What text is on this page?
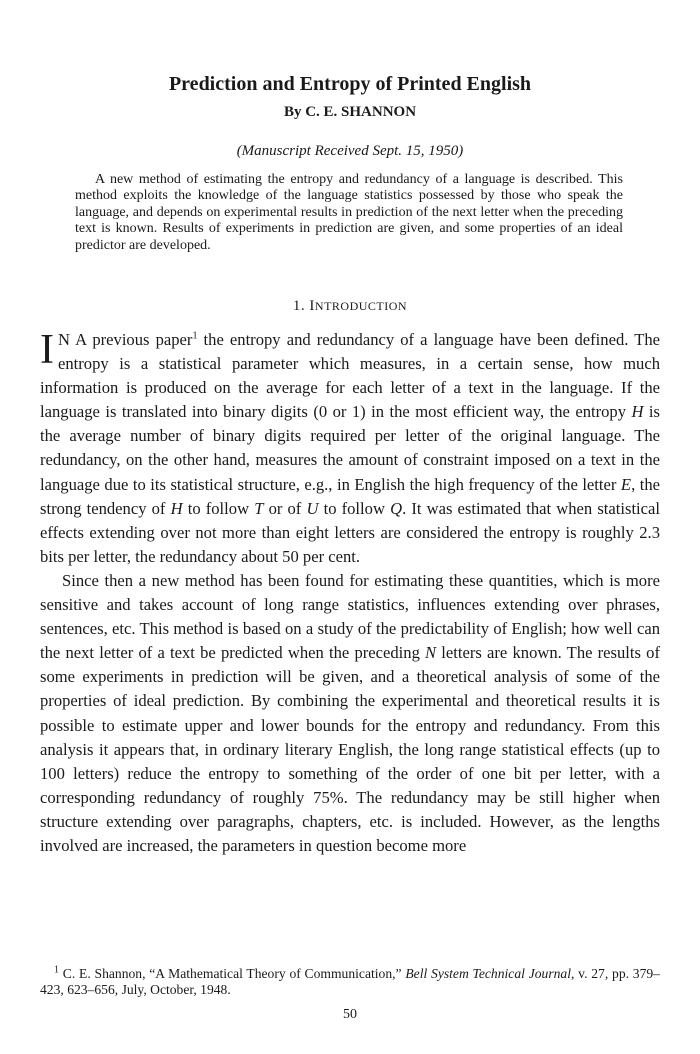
Prediction and Entropy of Printed English

By C. E. SHANNON

(Manuscript Received Sept. 15, 1950)

A new method of estimating the entropy and redundancy of a language is described. This method exploits the knowledge of the language statistics possessed by those who speak the language, and depends on experimental results in prediction of the next letter when the preceding text is known. Results of experiments in prediction are given, and some properties of an ideal predictor are developed.

1. INTRODUCTION

I N A previous paper$^1$ the entropy and redundancy of a language have been defined. The entropy is a statistical parameter which measures, in a certain sense, how much information is produced on the average for each letter of a text in the language. If the language is translated into binary digits (0 or 1) in the most efficient way, the entropy H is the average number of binary digits required per letter of the original language. The redundancy, on the other hand, measures the amount of constraint imposed on a text in the language due to its statistical structure, e.g., in English the high frequency of the letter E, the strong tendency of H to follow T or of U to follow Q. It was estimated that when statistical effects extending over not more than eight letters are considered the entropy is roughly 2.3 bits per letter, the redundancy about 50 per cent.

Since then a new method has been found for estimating these quantities, which is more sensitive and takes account of long range statistics, influences extending over phrases, sentences, etc. This method is based on a study of the predictability of English; how well can the next letter of a text be predicted when the preceding N letters are known. The results of some experiments in prediction will be given, and a theoretical analysis of some of the properties of ideal prediction. By combining the experimental and theoretical results it is possible to estimate upper and lower bounds for the entropy and redundancy. From this analysis it appears that, in ordinary literary English, the long range statistical effects (up to 100 letters) reduce the entropy to something of the order of one bit per letter, with a corresponding redundancy of roughly 75%. The redundancy may be still higher when structure extending over paragraphs, chapters, etc. is included. However, as the lengths involved are increased, the parameters in question become more

$^1$ C. E. Shannon, “A Mathematical Theory of Communication,” Bell System Technical Journal, v. 27, pp. 379–423, 623–656, July, October, 1948.

50
